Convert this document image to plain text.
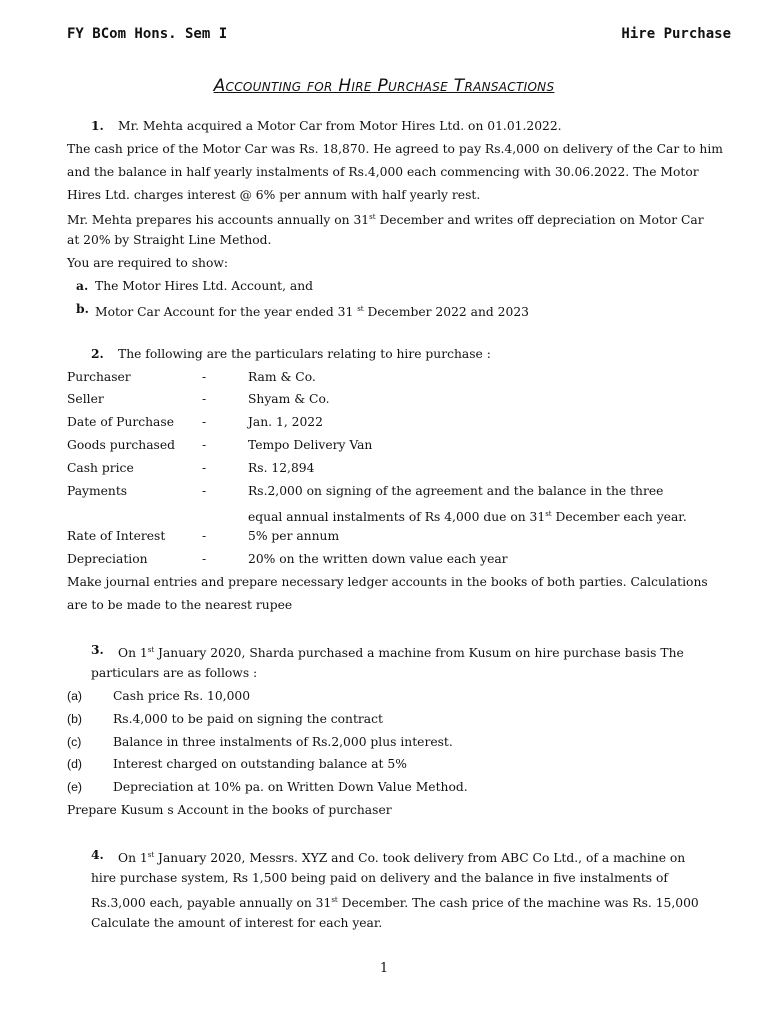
FY BCom Hons. Sem I	Hire Purchase
Accounting for Hire Purchase Transactions
1. Mr. Mehta acquired a Motor Car from Motor Hires Ltd. on 01.01.2022.
The cash price of the Motor Car was Rs. 18,870. He agreed to pay Rs.4,000 on delivery of the Car to him
and the balance in half yearly instalments of Rs.4,000 each commencing with 30.06.2022. The Motor
Hires Ltd. charges interest @ 6% per annum with half yearly rest.
Mr. Mehta prepares his accounts annually on 31st December and writes off depreciation on Motor Car
at 20% by Straight Line Method.
You are required to show:
a. The Motor Hires Ltd. Account, and
b. Motor Car Account for the year ended 31 $^{st}$ December 2022 and 2023
2. The following are the particulars relating to hire purchase :
Purchaser	-	Ram & Co.
Seller	-	Shyam & Co.
Date of Purchase -	Jan. 1, 2022
Goods purchased -	Tempo Delivery Van
Cash price	-	Rs. 12,894
Payments	-	Rs.2,000 on signing of the agreement and the balance in the three
equal annual instalments of Rs 4,000 due on 31st December each year.
Rate of Interest	-	5% per annum
Depreciation	-	20% on the written down value each year
Make journal entries and prepare necessary ledger accounts in the books of both parties. Calculations
are to be made to the nearest rupee
3. On 1st January 2020, Sharda purchased a machine from Kusum on hire purchase basis The
particulars are as follows :
(a)	Cash price Rs. 10,000
(b)	Rs.4,000 to be paid on signing the contract
(c)	Balance in three instalments of Rs.2,000 plus interest.
(d)	Interest charged on outstanding balance at 5%
(e)	Depreciation at 10% pa. on Written Down Value Method.
Prepare Kusum s Account in the books of purchaser
4. On 1st January 2020, Messrs. XYZ and Co. took delivery from ABC Co Ltd., of a machine on
hire purchase system, Rs 1,500 being paid on delivery and the balance in five instalments of
Rs.3,000 each, payable annually on 31st December. The cash price of the machine was Rs. 15,000
Calculate the amount of interest for each year.
1
